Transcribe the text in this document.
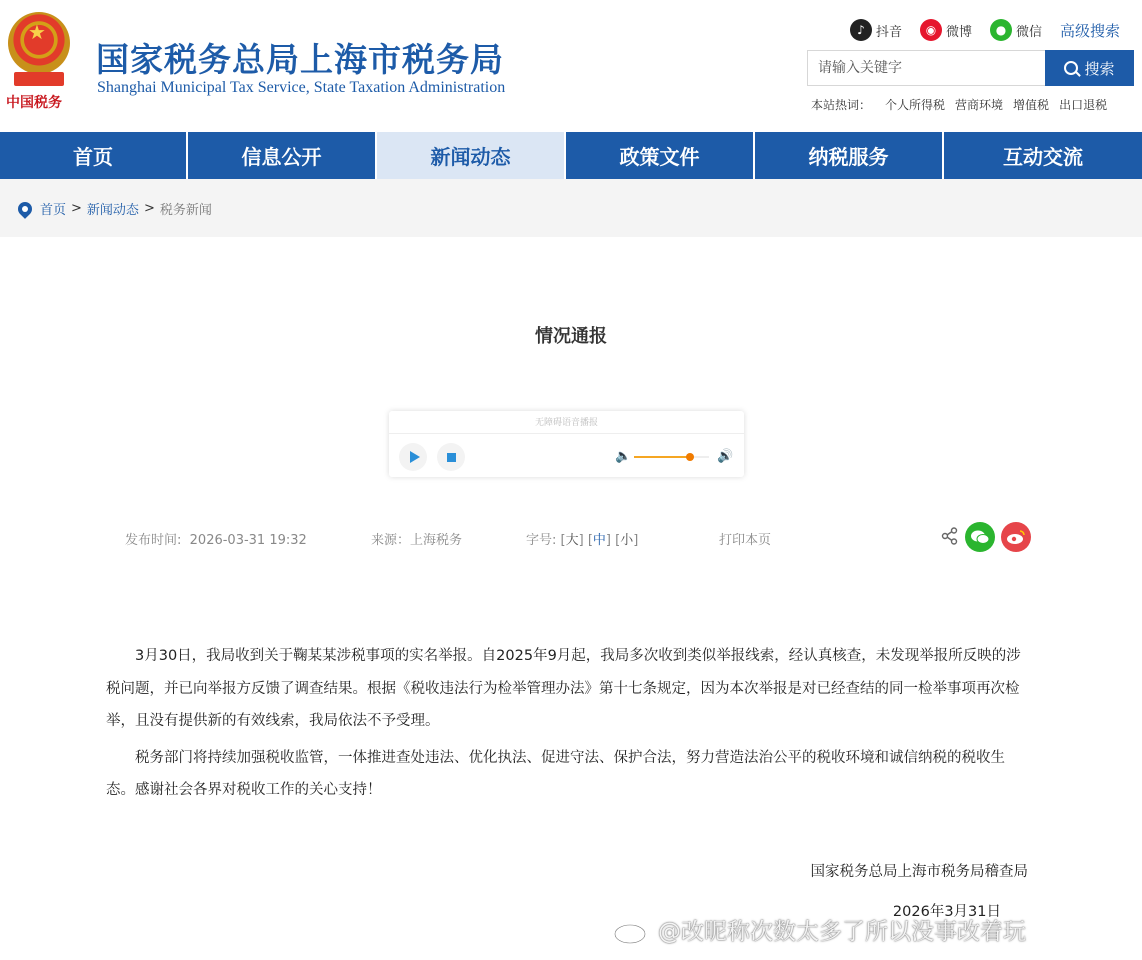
★
中国税务
国家税务总局上海市税务局
Shanghai Municipal Tax Service, State Taxation Administration
♪ 抖音	◉ 微博	● 微信 高级搜索
请输入关键字
搜索
本站热词： 个人所得税 营商环境 增值税 出口退税
首页	信息公开	新闻动态	政策文件	纳税服务	互动交流
首页 > 新闻动态 > 税务新闻
情况通报
无障碍语音播报
🔈	🔊
发布时间: 2026-03-31 19:32	来源：上海税务	字号: [大] [中] [小]	打印本页

3月30日，我局收到关于鞠某某涉税事项的实名举报。自2025年9月起，我局多次收到类似举报线索，经认真核查，未发现举报所反映的涉税问题，并已向举报方反馈了调查结果。根据《税收违法行为检举管理办法》第十七条规定，因为本次举报是对已经查结的同一检举事项再次检举，且没有提供新的有效线索，我局依法不予受理。

税务部门将持续加强税收监管，一体推进查处违法、优化执法、促进守法、保护合法，努力营造法治公平的税收环境和诚信纳税的税收生态。感谢社会各界对税收工作的关心支持！

国家税务总局上海市税务局稽查局
2026年3月31日
@改昵称次数太多了所以没事改着玩
